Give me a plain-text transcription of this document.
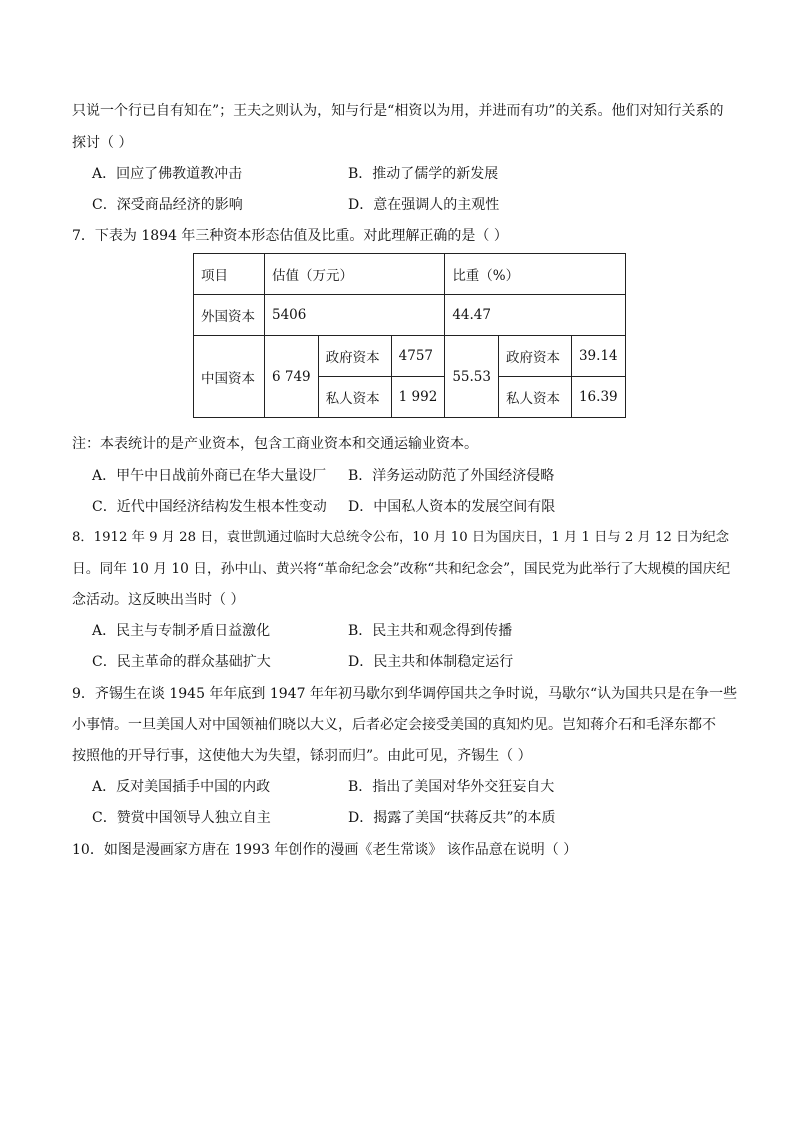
只说一个行已自有知在”；王夫之则认为，知与行是“相资以为用，并进而有功”的关系。他们对知行关系的
探讨（ ）
A．回应了佛教道教冲击	B．推动了儒学的新发展
C．深受商品经济的影响	D．意在强调人的主观性
7．下表为 1894 年三种资本形态估值及比重。对此理解正确的是（ ）
项目	估值（万元）			比重（%）		
外国资本	5406			44.47		
中国资本	6 749	政府资本	4757	55.53	政府资本	39.14
		私人资本	1 992		私人资本	16.39
注：本表统计的是产业资本，包含工商业资本和交通运输业资本。
A．甲午中日战前外商已在华大量设厂 B．洋务运动防范了外国经济侵略
C．近代中国经济结构发生根本性变动 D．中国私人资本的发展空间有限
8．1912 年 9 月 28 日，袁世凯通过临时大总统令公布，10 月 10 日为国庆日，1 月 1 日与 2 月 12 日为纪念
日。同年 10 月 10 日，孙中山、黄兴将“革命纪念会”改称“共和纪念会”，国民党为此举行了大规模的国庆纪
念活动。这反映出当时（ ）
A．民主与专制矛盾日益激化	B．民主共和观念得到传播
C．民主革命的群众基础扩大	D．民主共和体制稳定运行
9．齐锡生在谈 1945 年年底到 1947 年年初马歇尔到华调停国共之争时说，马歇尔“认为国共只是在争一些
小事情。一旦美国人对中国领袖们晓以大义，后者必定会接受美国的真知灼见。岂知蒋介石和毛泽东都不
按照他的开导行事，这使他大为失望，铩羽而归”。由此可见，齐锡生（ ）
A．反对美国插手中国的内政	B．指出了美国对华外交狂妄自大
C．赞赏中国领导人独立自主	D．揭露了美国“扶蒋反共”的本质
10．如图是漫画家方唐在 1993 年创作的漫画《老生常谈》 该作品意在说明（ ）
